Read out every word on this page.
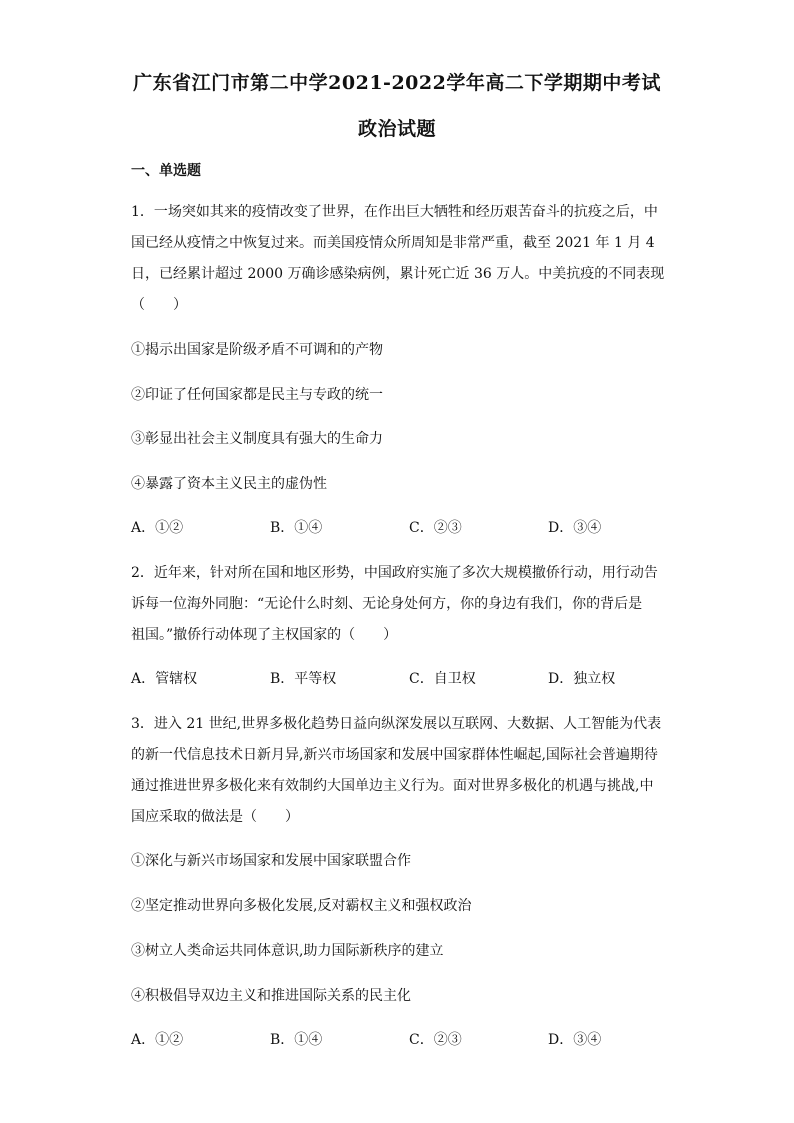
广东省江门市第二中学2021-2022学年高二下学期期中考试
政治试题
一、单选题
1．一场突如其来的疫情改变了世界，在作出巨大牺牲和经历艰苦奋斗的抗疫之后，中
国已经从疫情之中恢复过来。而美国疫情众所周知是非常严重，截至 2021 年 1 月 4
日，已经累计超过 2000 万确诊感染病例，累计死亡近 36 万人。中美抗疫的不同表现
（　　）
①揭示出国家是阶级矛盾不可调和的产物
②印证了任何国家都是民主与专政的统一
③彰显出社会主义制度具有强大的生命力
④暴露了资本主义民主的虚伪性
A．①②	B．①④	C．②③	D．③④
2．近年来，针对所在国和地区形势，中国政府实施了多次大规模撤侨行动，用行动告
诉每一位海外同胞：“无论什么时刻、无论身处何方，你的身边有我们，你的背后是
祖国。”撤侨行动体现了主权国家的（　　）
A．管辖权	B．平等权	C．自卫权	D．独立权
3．进入 21 世纪,世界多极化趋势日益向纵深发展以互联网、大数据、人工智能为代表
的新一代信息技术日新月异,新兴市场国家和发展中国家群体性崛起,国际社会普遍期待
通过推进世界多极化来有效制约大国单边主义行为。面对世界多极化的机遇与挑战,中
国应采取的做法是（　　）
①深化与新兴市场国家和发展中国家联盟合作
②坚定推动世界向多极化发展,反对霸权主义和强权政治
③树立人类命运共同体意识,助力国际新秩序的建立
④积极倡导双边主义和推进国际关系的民主化
A．①②	B．①④	C．②③	D．③④
